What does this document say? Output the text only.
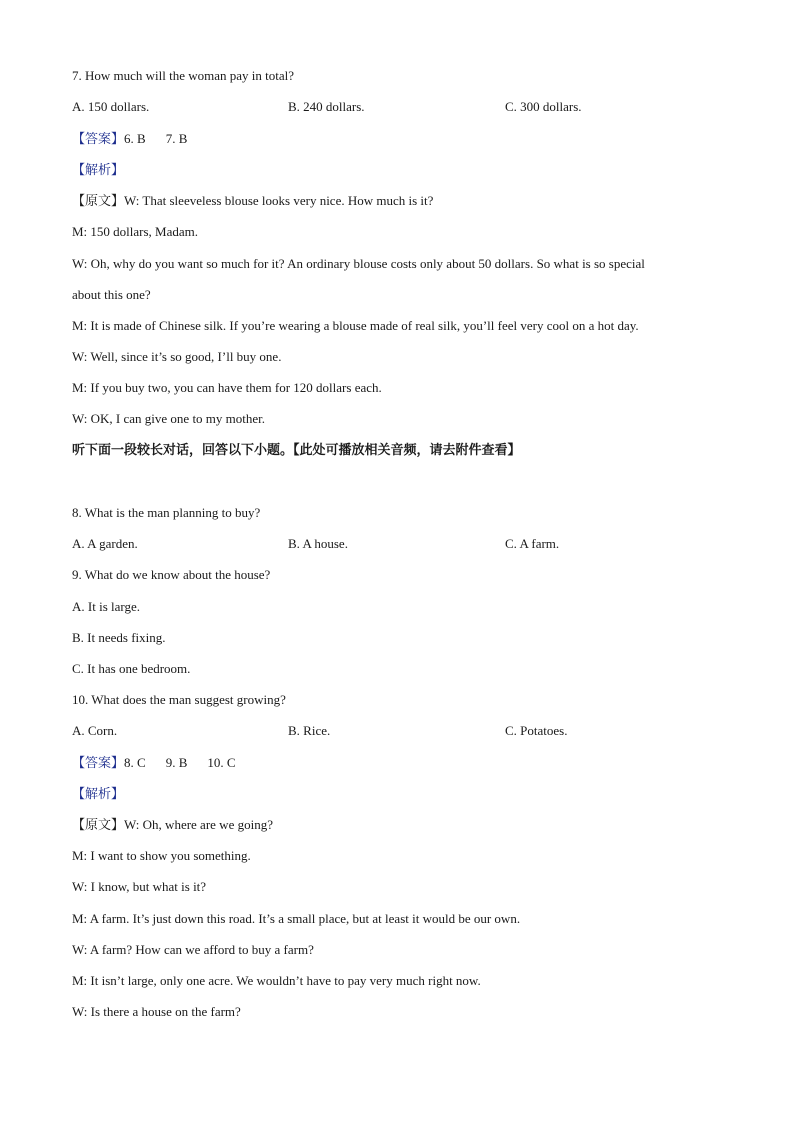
7. How much will the woman pay in total?
A. 150 dollars.	B. 240 dollars.	C. 300 dollars.
【答案】6. B 7. B
【解析】
【原文】W: That sleeveless blouse looks very nice. How much is it?
M: 150 dollars, Madam.
W: Oh, why do you want so much for it? An ordinary blouse costs only about 50 dollars. So what is so special
about this one?
M: It is made of Chinese silk. If you’re wearing a blouse made of real silk, you’ll feel very cool on a hot day.
W: Well, since it’s so good, I’ll buy one.
M: If you buy two, you can have them for 120 dollars each.
W: OK, I can give one to my mother.
听下面一段较长对话，回答以下小题。【此处可播放相关音频，请去附件查看】
8. What is the man planning to buy?
A. A garden.	B. A house.	C. A farm.
9. What do we know about the house?
A. It is large.
B. It needs fixing.
C. It has one bedroom.
10. What does the man suggest growing?
A. Corn.	B. Rice.	C. Potatoes.
【答案】8. C 9. B 10. C
【解析】
【原文】W: Oh, where are we going?
M: I want to show you something.
W: I know, but what is it?
M: A farm. It’s just down this road. It’s a small place, but at least it would be our own.
W: A farm? How can we afford to buy a farm?
M: It isn’t large, only one acre. We wouldn’t have to pay very much right now.
W: Is there a house on the farm?
